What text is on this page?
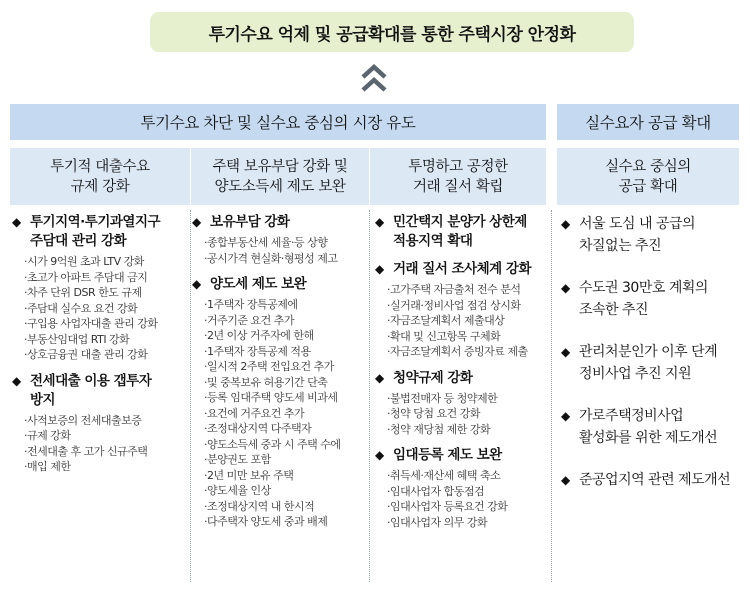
투기수요 억제 및 공급확대를 통한 주택시장 안정화
투기수요 차단 및 실수요 중심의 시장 유도	실수요자 공급 확대
투기적 대출수요
규제 강화
주택 보유부담 강화 및
양도소득세 제도 보완
투명하고 공정한
거래 질서 확립
실수요 중심의
공급 확대
◆ 투기지역·투기과열지구
주담대 관리 강화
·시가 9억원 초과 LTV 강화
·초고가 아파트 주담대 금지
·차주 단위 DSR 한도 규제
·주담대 실수요 요건 강화
·구입용 사업자대출 관리 강화
·부동산임대업 RTI 강화
·상호금융권 대출 관리 강화
◆ 전세대출 이용 갭투자
방지
·사적보증의 전세대출보증
·규제 강화
·전세대출 후 고가 신규주택
·매입 제한
◆ 보유부담 강화
·종합부동산세 세율·등 상향
·공시가격 현실화·형평성 제고
◆ 양도세 제도 보완
·1주택자 장특공제에
·거주기준 요건 추가
·2년 이상 거주자에 한해
·1주택자 장특공제 적용
·일시적 2주택 전입요건 추가
·및 중복보유 허용기간 단축
·등록 임대주택 양도세 비과세
·요건에 거주요건 추가
·조정대상지역 다주택자
·양도소득세 중과 시 주택 수에
·분양권도 포함
·2년 미만 보유 주택
·양도세율 인상
·조정대상지역 내 한시적
·다주택자 양도세 중과 배제
◆ 민간택지 분양가 상한제
적용지역 확대
◆ 거래 질서 조사체계 강화
·고가주택 자금출처 전수 분석
·실거래·정비사업 점검 상시화
·자금조달계획서 제출대상
·확대 및 신고항목 구체화
·자금조달계획서 증빙자료 제출
◆ 청약규제 강화
·불법전매자 등 청약제한
·청약 당첨 요건 강화
·청약 재당첨 제한 강화
◆ 임대등록 제도 보완
·취득세·재산세 혜택 축소
·임대사업자 합동점검
·임대사업자 등록요건 강화
·임대사업자 의무 강화
◆ 서울 도심 내 공급의
차질없는 추진
◆ 수도권 30만호 계획의
조속한 추진
◆ 관리처분인가 이후 단계
정비사업 추진 지원
◆ 가로주택정비사업
활성화를 위한 제도개선
◆ 준공업지역 관련 제도개선
